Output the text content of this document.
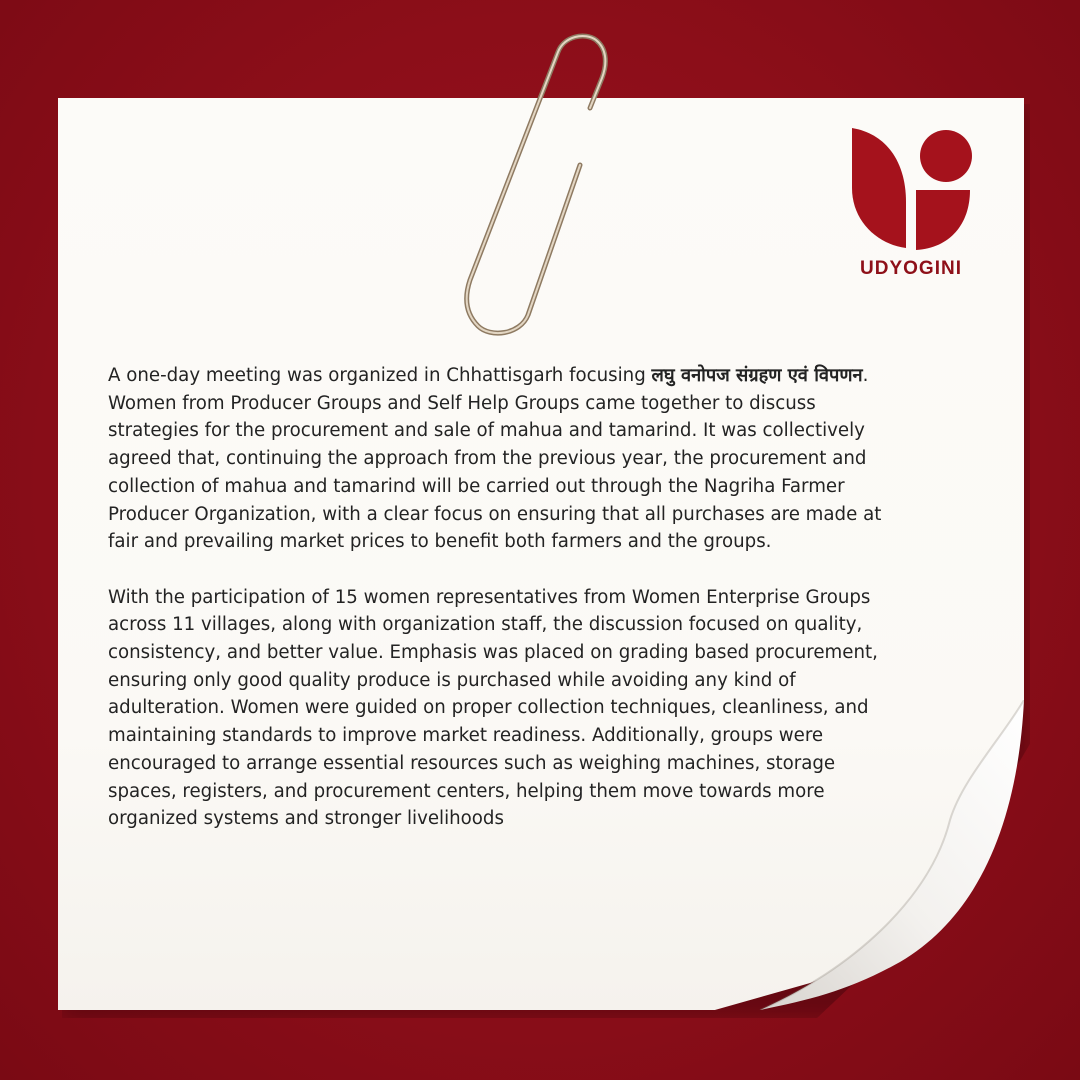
UDYOGINI

A one-day meeting was organized in Chhattisgarh focusing लघु वनोपज संग्रहण एवं विपणन. Women from Producer Groups and Self Help Groups came together to discuss strategies for the procurement and sale of mahua and tamarind. It was collectively agreed that, continuing the approach from the previous year, the procurement and collection of mahua and tamarind will be carried out through the Nagriha Farmer Producer Organization, with a clear focus on ensuring that all purchases are made at fair and prevailing market prices to benefit both farmers and the groups.

With the participation of 15 women representatives from Women Enterprise Groups across 11 villages, along with organization staff, the discussion focused on quality, consistency, and better value. Emphasis was placed on grading based procurement, ensuring only good quality produce is purchased while avoiding any kind of adulteration. Women were guided on proper collection techniques, cleanliness, and maintaining standards to improve market readiness. Additionally, groups were encouraged to arrange essential resources such as weighing machines, storage spaces, registers, and procurement centers, helping them move towards more organized systems and stronger livelihoods
